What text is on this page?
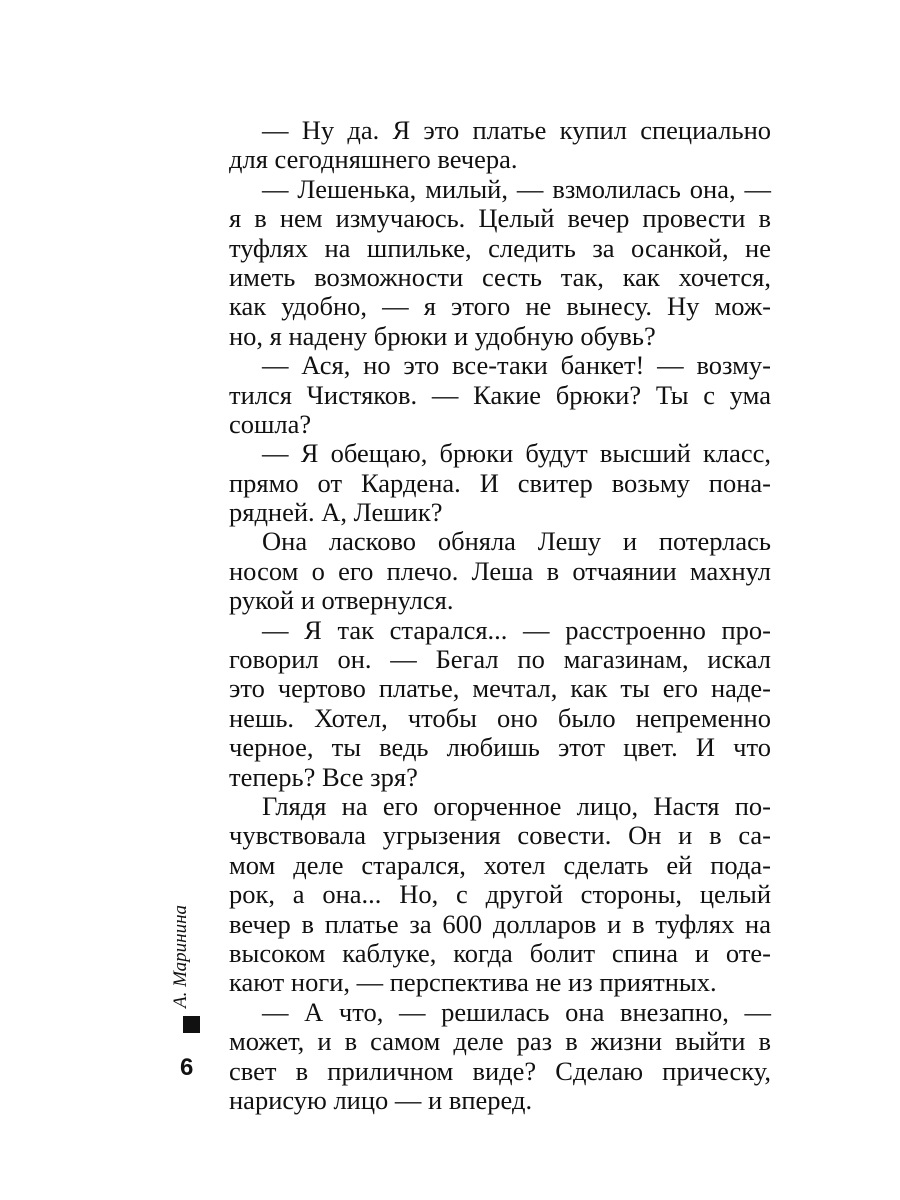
— Ну да. Я это платье купил специально
для сегодняшнего вечера.
— Лешенька, милый, — взмолилась она, —
я в нем измучаюсь. Целый вечер провести в
туфлях на шпильке, следить за осанкой, не
иметь возможности сесть так, как хочется,
как удобно, — я этого не вынесу. Ну мож-
но, я надену брюки и удобную обувь?
— Ася, но это все-таки банкет! — возму-
тился Чистяков. — Какие брюки? Ты с ума
сошла?
— Я обещаю, брюки будут высший класс,
прямо от Кардена. И свитер возьму пона-
рядней. А, Лешик?
Она ласково обняла Лешу и потерлась
носом о его плечо. Леша в отчаянии махнул
рукой и отвернулся.
— Я так старался... — расстроенно про-
говорил он. — Бегал по магазинам, искал
это чертово платье, мечтал, как ты его наде-
нешь. Хотел, чтобы оно было непременно
черное, ты ведь любишь этот цвет. И что
теперь? Все зря?
Глядя на его огорченное лицо, Настя по-
чувствовала угрызения совести. Он и в са-
мом деле старался, хотел сделать ей пода-
рок, а она... Но, с другой стороны, целый
вечер в платье за 600 долларов и в туфлях на
высоком каблуке, когда болит спина и оте-
кают ноги, — перспектива не из приятных.
— А что, — решилась она внезапно, —
может, и в самом деле раз в жизни выйти в
свет в приличном виде? Сделаю прическу,
нарисую лицо — и вперед.
А. Маринина
6
